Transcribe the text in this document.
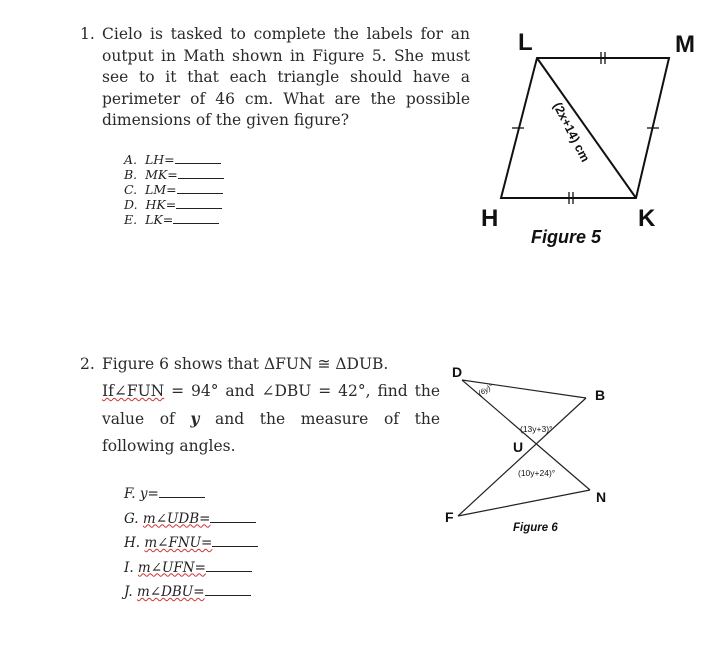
1. Cielo is tasked to complete the labels for an output in Math shown in Figure 5. She must see to it that each triangle should have a perimeter of 46 cm. What are the possible dimensions of the given figure?
A. LH=
B. MK=
C. LM=
D. HK=
E. LK=
L	M
H	K
(2x+14) cm
Figure 5
2. Figure 6 shows that ΔFUN ≅ ΔDUB.
If∠FUN = 94° and ∠DBU = 42°, find the value of y and the measure of the following angles.
F. y=
G. m∠UDB=
H. m∠FNU=
I. m∠UFN=
J. m∠DBU=
D
B
U
N
F
(6y)°
(13y+3)°
(10y+24)°
Figure 6
